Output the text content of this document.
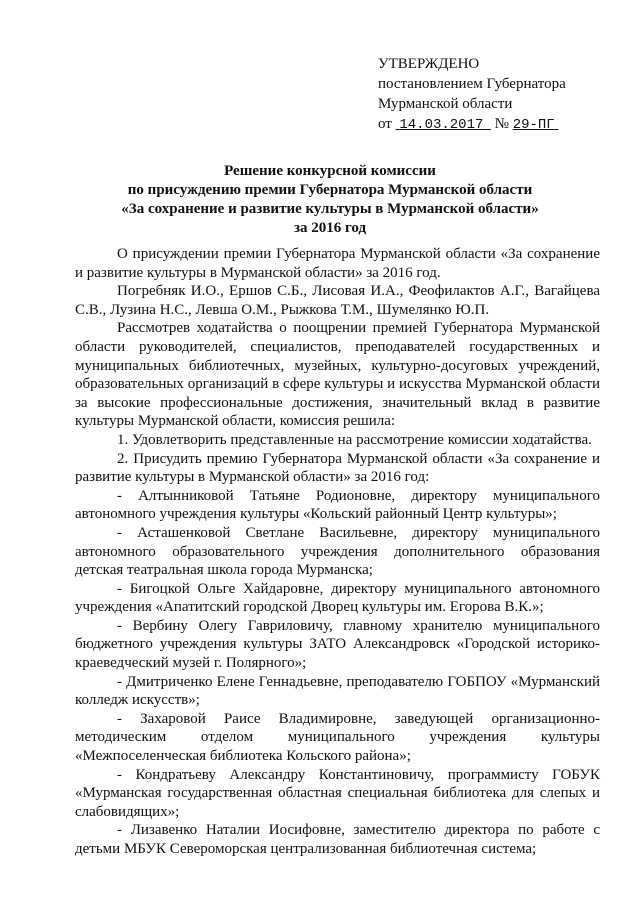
УТВЕРЖДЕНО
постановлением Губернатора
Мурманской области
от 14.03.2017 № 29-ПГ
Решение конкурсной комиссии
по присуждению премии Губернатора Мурманской области
«За сохранение и развитие культуры в Мурманской области»
за 2016 год

О присуждении премии Губернатора Мурманской области «За сохранение и развитие культуры в Мурманской области» за 2016 год.

Погребняк И.О., Ершов С.Б., Лисовая И.А., Феофилактов А.Г., Вагайцева С.В., Лузина Н.С., Левша О.М., Рыжкова Т.М., Шумелянко Ю.П.

Рассмотрев ходатайства о поощрении премией Губернатора Мурманской области руководителей, специалистов, преподавателей государственных и муниципальных библиотечных, музейных, культурно-досуговых учреждений, образовательных организаций в сфере культуры и искусства Мурманской области за высокие профессиональные достижения, значительный вклад в развитие культуры Мурманской области, комиссия решила:

1. Удовлетворить представленные на рассмотрение комиссии ходатайства.

2. Присудить премию Губернатора Мурманской области «За сохранение и развитие культуры в Мурманской области» за 2016 год:

- Алтынниковой Татьяне Родионовне, директору муниципального автономного учреждения культуры «Кольский районный Центр культуры»;

- Асташенковой Светлане Васильевне, директору муниципального автономного образовательного учреждения дополнительного образования детская театральная школа города Мурманска;

- Бигоцкой Ольге Хайдаровне, директору муниципального автономного учреждения «Апатитский городской Дворец культуры им. Егорова В.К.»;

- Вербину Олегу Гавриловичу, главному хранителю муниципального бюджетного учреждения культуры ЗАТО Александровск «Городской историко-краеведческий музей г. Полярного»;

- Дмитриченко Елене Геннадьевне, преподавателю ГОБПОУ «Мурманский колледж искусств»;

- Захаровой Раисе Владимировне, заведующей организационно-методическим отделом муниципального учреждения культуры «Межпоселенческая библиотека Кольского района»;

- Кондратьеву Александру Константиновичу, программисту ГОБУК «Мурманская государственная областная специальная библиотека для слепых и слабовидящих»;

- Лизавенко Наталии Иосифовне, заместителю директора по работе с детьми МБУК Североморская централизованная библиотечная система;
